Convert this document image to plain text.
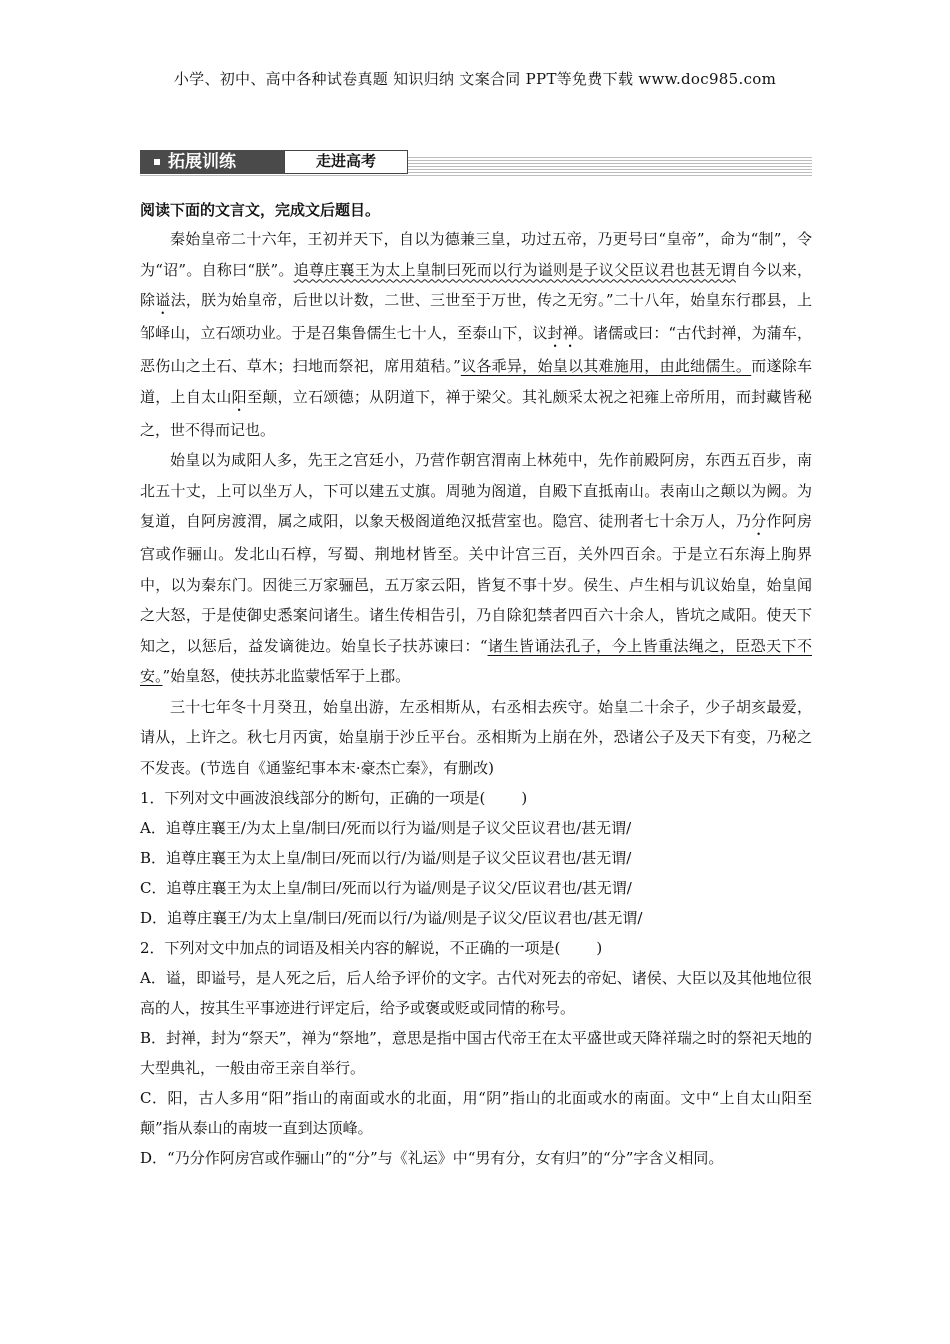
小学、初中、高中各种试卷真题 知识归纳 文案合同 PPT等免费下载 www.doc985.com
拓展训练	走进高考
阅读下面的文言文，完成文后题目。

秦始皇帝二十六年，王初并天下，自以为德兼三皇，功过五帝，乃更号曰“皇帝”，命为“制”，令为“诏”。自称曰“朕”。追尊庄襄王为太上皇制曰死而以行为谥则是子议父臣议君也甚无谓自今以来，除谥法，朕为始皇帝，后世以计数，二世、三世至于万世，传之无穷。”二十八年，始皇东行郡县，上邹峄山，立石颂功业。于是召集鲁儒生七十人，至泰山下，议封禅。诸儒或曰：“古代封禅，为蒲车，恶伤山之土石、草木；扫地而祭祀，席用葅秸。”议各乖异，始皇以其难施用，由此绌儒生。而遂除车道，上自太山阳至颠，立石颂德；从阴道下，禅于梁父。其礼颇采太祝之祀雍上帝所用，而封藏皆秘之，世不得而记也。

始皇以为咸阳人多，先王之宫廷小，乃营作朝宫渭南上林苑中，先作前殿阿房，东西五百步，南北五十丈，上可以坐万人，下可以建五丈旗。周驰为阁道，自殿下直抵南山。表南山之颠以为阙。为复道，自阿房渡渭，属之咸阳，以象天极阁道绝汉抵营室也。隐宫、徒刑者七十余万人，乃分作阿房宫或作骊山。发北山石椁，写蜀、荆地材皆至。关中计宫三百，关外四百余。于是立石东海上朐界中，以为秦东门。因徙三万家骊邑，五万家云阳，皆复不事十岁。侯生、卢生相与讥议始皇，始皇闻之大怒，于是使御史悉案问诸生。诸生传相告引，乃自除犯禁者四百六十余人，皆坑之咸阳。使天下知之，以惩后，益发谪徙边。始皇长子扶苏谏曰：“诸生皆诵法孔子，今上皆重法绳之，臣恐天下不安。”始皇怒，使扶苏北监蒙恬军于上郡。

三十七年冬十月癸丑，始皇出游，左丞相斯从，右丞相去疾守。始皇二十余子，少子胡亥最爱，请从，上许之。秋七月丙寅，始皇崩于沙丘平台。丞相斯为上崩在外，恐诸公子及天下有变，乃秘之不发丧。(节选自《通鉴纪事本末·豪杰亡秦》，有删改)

1．下列对文中画波浪线部分的断句，正确的一项是( )

A．追尊庄襄王/为太上皇/制曰/死而以行为谥/则是子议父臣议君也/甚无谓/

B．追尊庄襄王为太上皇/制曰/死而以行/为谥/则是子议父臣议君也/甚无谓/

C．追尊庄襄王为太上皇/制曰/死而以行为谥/则是子议父/臣议君也/甚无谓/

D．追尊庄襄王/为太上皇/制曰/死而以行/为谥/则是子议父/臣议君也/甚无谓/

2．下列对文中加点的词语及相关内容的解说，不正确的一项是( )

A．谥，即谥号，是人死之后，后人给予评价的文字。古代对死去的帝妃、诸侯、大臣以及其他地位很高的人，按其生平事迹进行评定后，给予或褒或贬或同情的称号。

B．封禅，封为“祭天”，禅为“祭地”，意思是指中国古代帝王在太平盛世或天降祥瑞之时的祭祀天地的大型典礼，一般由帝王亲自举行。

C．阳，古人多用“阳”指山的南面或水的北面，用“阴”指山的北面或水的南面。文中“上自太山阳至颠”指从泰山的南坡一直到达顶峰。

D．“乃分作阿房宫或作骊山”的“分”与《礼运》中“男有分，女有归”的“分”字含义相同。
